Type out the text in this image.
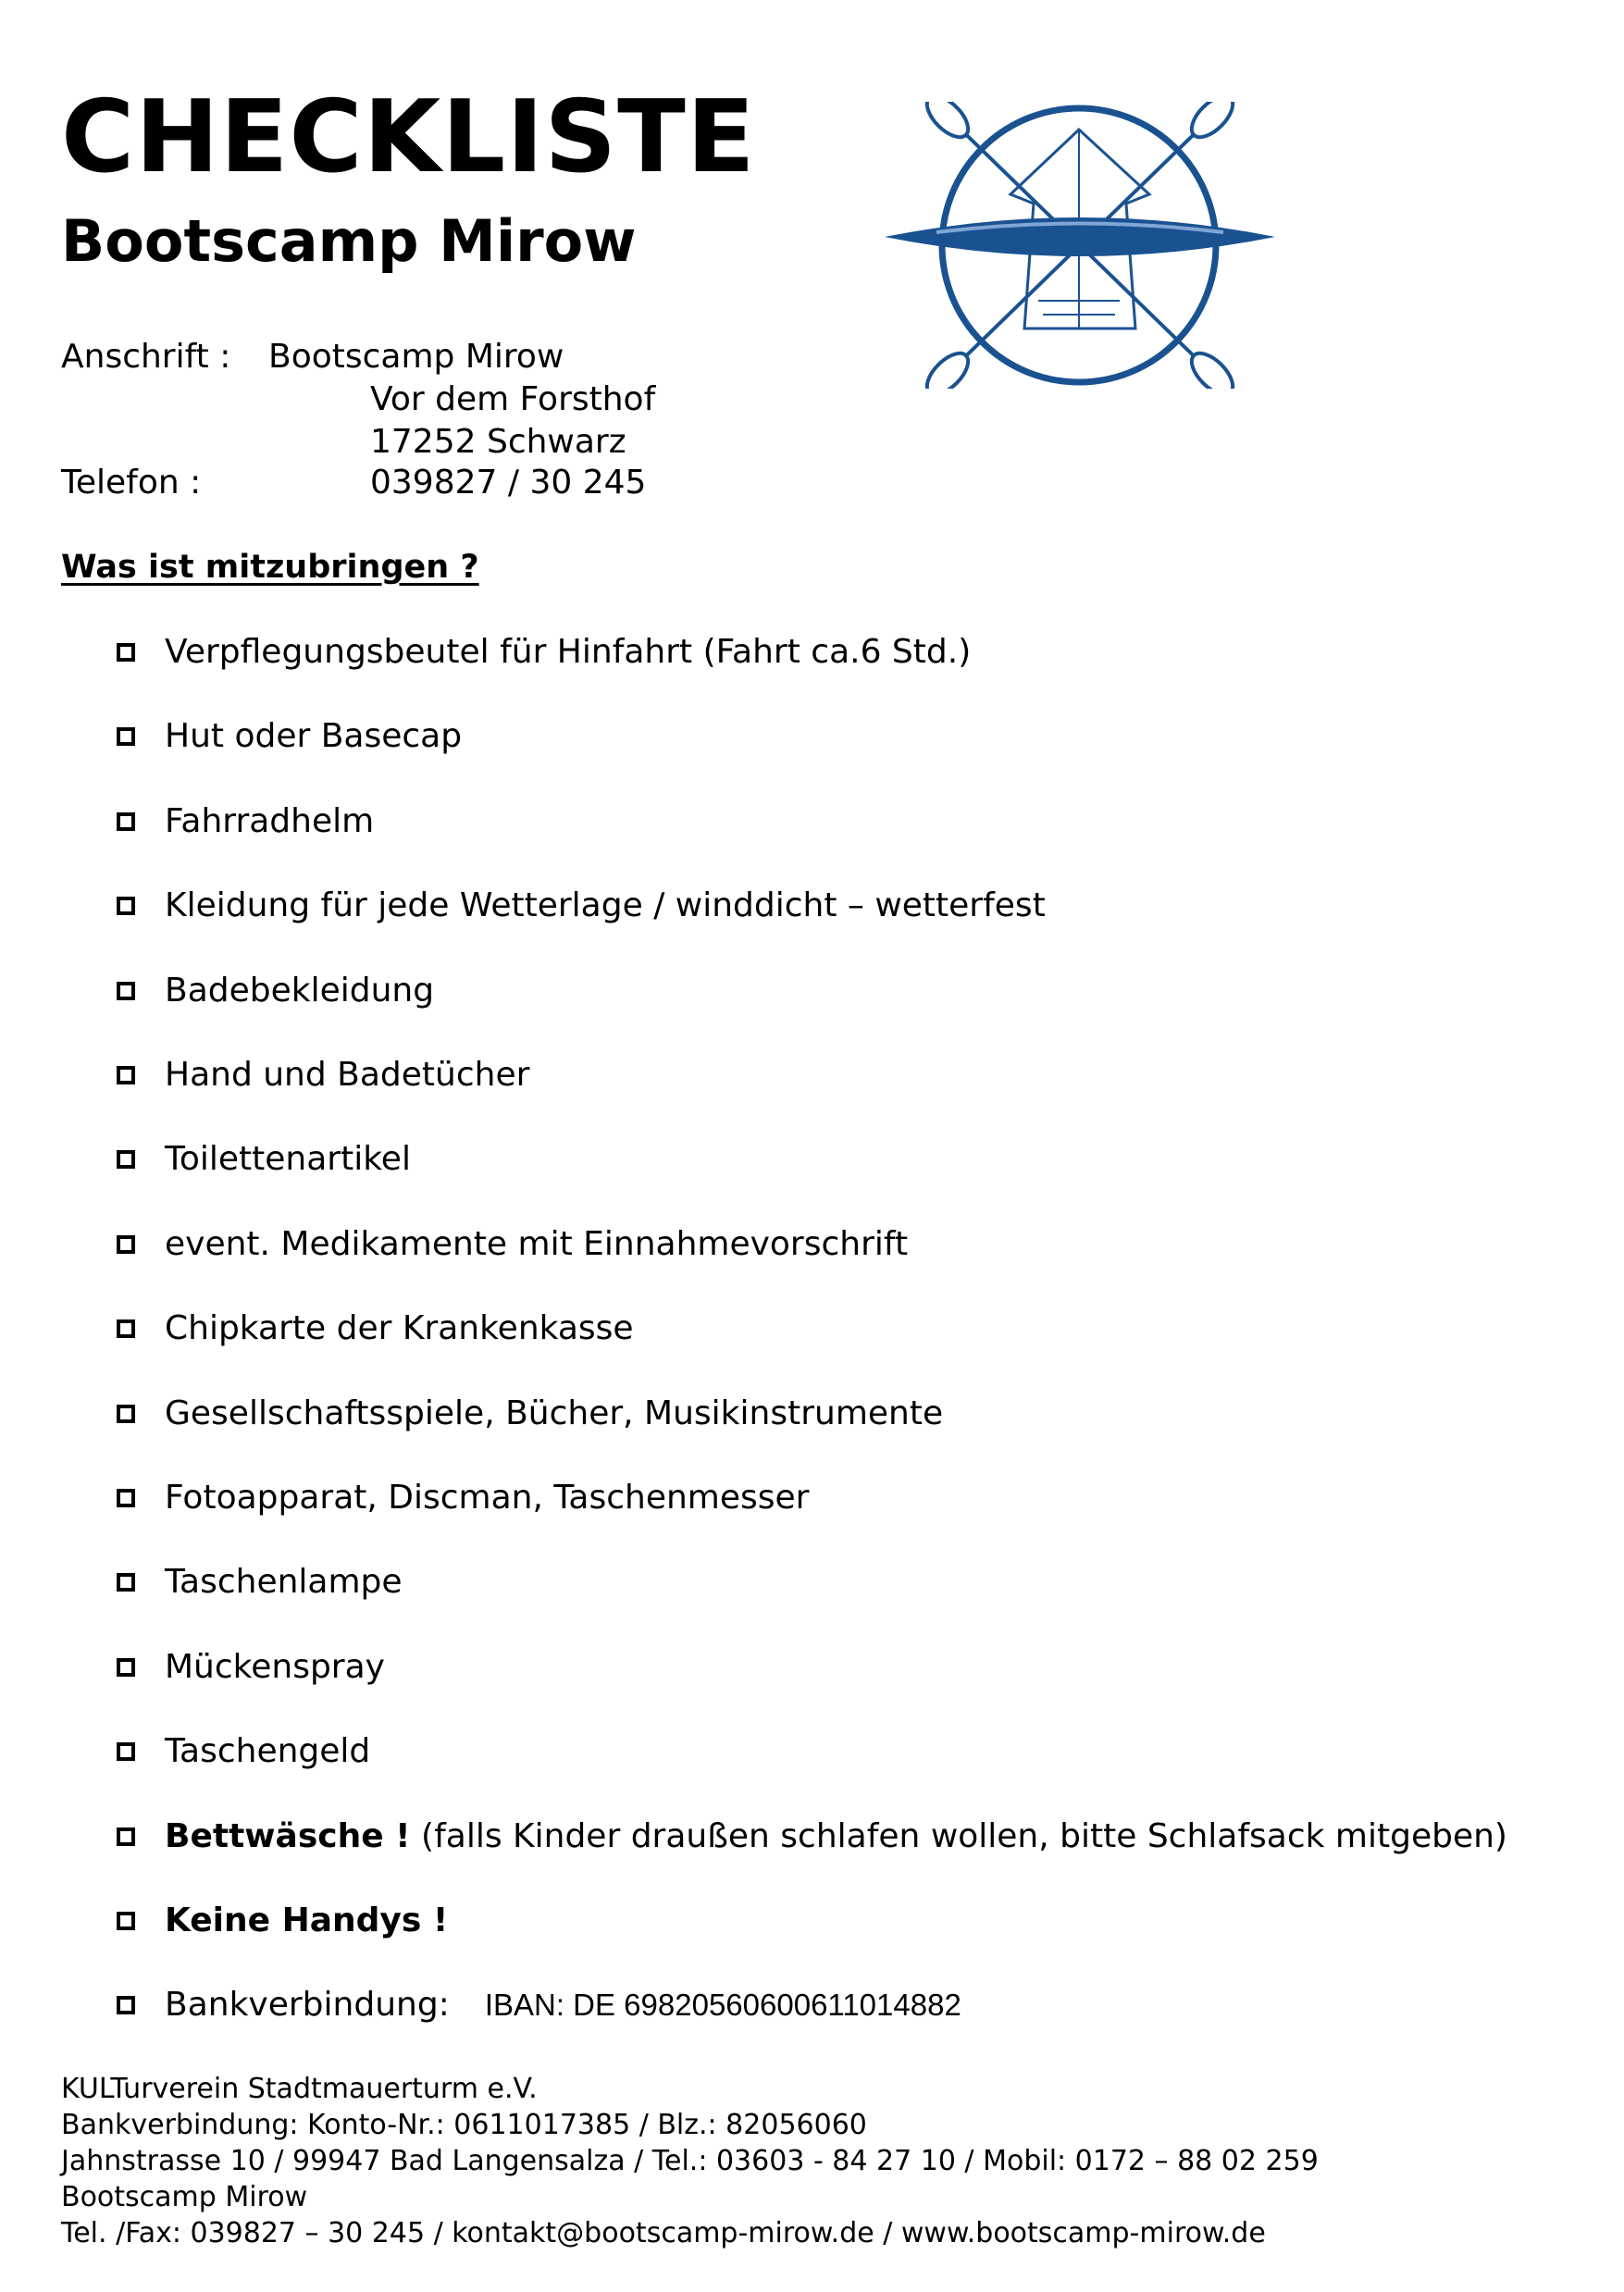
CHECKLISTE
Bootscamp Mirow
Anschrift : Bootscamp Mirow
Vor dem Forsthof
17252 Schwarz
Telefon :	039827 / 30 245
Was ist mitzubringen ?
Verpflegungsbeutel für Hinfahrt (Fahrt ca.6 Std.)
Hut oder Basecap
Fahrradhelm
Kleidung für jede Wetterlage / winddicht – wetterfest
Badebekleidung
Hand und Badetücher
Toilettenartikel
event. Medikamente mit Einnahmevorschrift
Chipkarte der Krankenkasse
Gesellschaftsspiele, Bücher, Musikinstrumente
Fotoapparat, Discman, Taschenmesser
Taschenlampe
Mückenspray
Taschengeld
Bettwäsche ! (falls Kinder draußen schlafen wollen, bitte Schlafsack mitgeben)
Keine Handys !
Bankverbindung: IBAN: DE 69820560600611014882
KULTurverein Stadtmauerturm e.V.
Bankverbindung: Konto-Nr.: 0611017385 / Blz.: 82056060
Jahnstrasse 10 / 99947 Bad Langensalza / Tel.: 03603 - 84 27 10 / Mobil: 0172 – 88 02 259
Bootscamp Mirow
Tel. /Fax: 039827 – 30 245 / kontakt@bootscamp-mirow.de / www.bootscamp-mirow.de
